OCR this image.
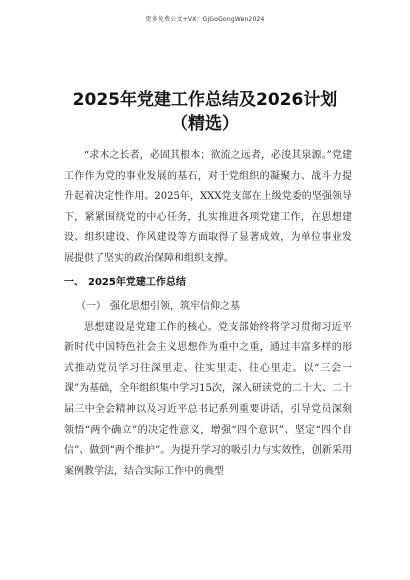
更多免费公文+VX：GjGoGongWen2024
2025年党建工作总结及2026计划（精选）

“求木之长者，必固其根本；欲流之远者，必浚其泉源。”党建工作作为党的事业发展的基石，对于党组织的凝聚力、战斗力提升起着决定性作用。2025年，XXX党支部在上级党委的坚强领导下，紧紧围绕党的中心任务，扎实推进各项党建工作，在思想建设、组织建设、作风建设等方面取得了显著成效，为单位事业发展提供了坚实的政治保障和组织支撑。

一、 2025年党建工作总结

（一） 强化思想引领，筑牢信仰之基

思想建设是党建工作的核心。党支部始终将学习贯彻习近平新时代中国特色社会主义思想作为重中之重，通过丰富多样的形式推动党员学习往深里走、往实里走、往心里走。以“三会一课”为基础，全年组织集中学习15次，深入研读党的二十大、二十届三中全会精神以及习近平总书记系列重要讲话，引导党员深刻领悟“两个确立”的决定性意义，增强“四个意识”、坚定“四个自信”、做到“两个维护”。为提升学习的吸引力与实效性，创新采用案例教学法，结合实际工作中的典型
